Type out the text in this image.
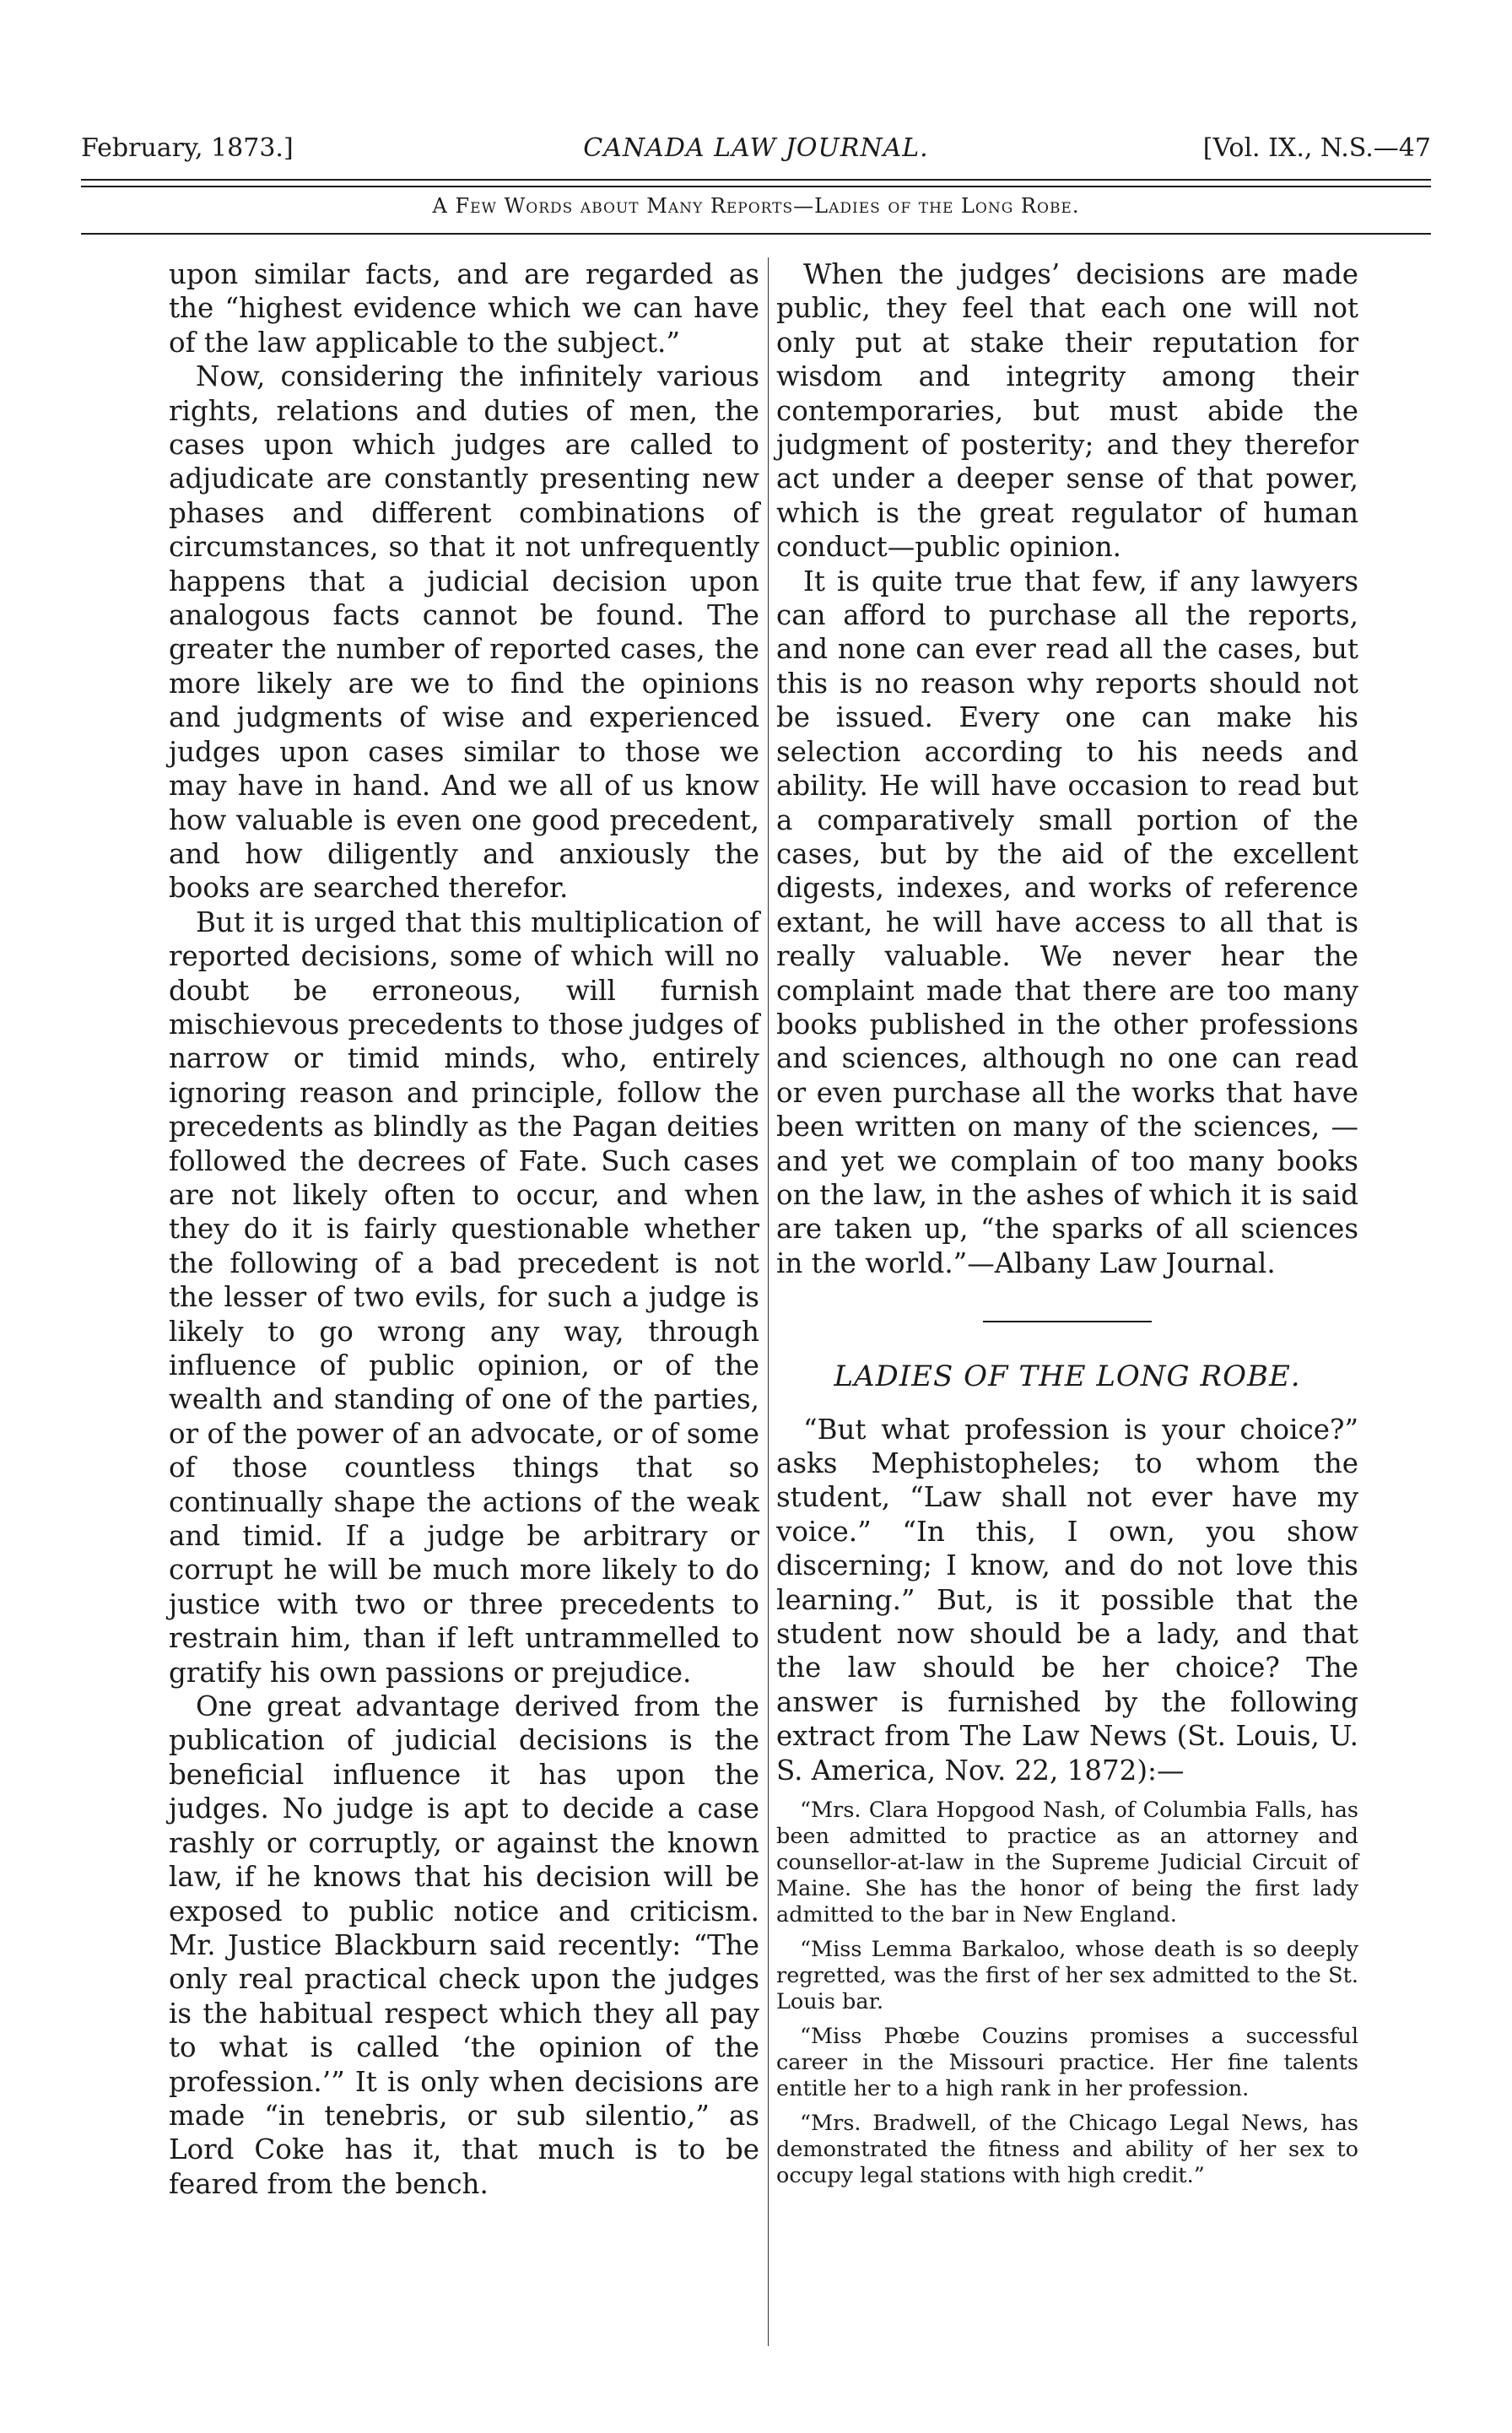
February, 1873.]	CANADA LAW JOURNAL.	[Vol. IX., N.S.—47
A Few Words about Many Reports—Ladies of the Long Robe.

upon similar facts, and are regarded as the “highest evidence which we can have of the law applicable to the subject.”

Now, considering the infinitely various rights, relations and duties of men, the cases upon which judges are called to adjudicate are constantly presenting new phases and different combinations of circumstances, so that it not unfrequently happens that a judicial decision upon analogous facts cannot be found. The greater the number of reported cases, the more likely are we to find the opinions and judgments of wise and experienced judges upon cases similar to those we may have in hand. And we all of us know how valuable is even one good precedent, and how diligently and anxiously the books are searched therefor.

But it is urged that this multiplication of reported decisions, some of which will no doubt be erroneous, will furnish mischievous precedents to those judges of narrow or timid minds, who, entirely ignoring reason and principle, follow the precedents as blindly as the Pagan deities followed the decrees of Fate. Such cases are not likely often to occur, and when they do it is fairly questionable whether the following of a bad precedent is not the lesser of two evils, for such a judge is likely to go wrong any way, through influence of public opinion, or of the wealth and standing of one of the parties, or of the power of an advocate, or of some of those countless things that so continually shape the actions of the weak and timid. If a judge be arbitrary or corrupt he will be much more likely to do justice with two or three precedents to restrain him, than if left untrammelled to gratify his own passions or prejudice.

One great advantage derived from the publication of judicial decisions is the beneficial influence it has upon the judges. No judge is apt to decide a case rashly or corruptly, or against the known law, if he knows that his decision will be exposed to public notice and criticism. Mr. Justice Blackburn said recently: “The only real practical check upon the judges is the habitual respect which they all pay to what is called ‘the opinion of the profession.’” It is only when decisions are made “in tenebris, or sub silentio,” as Lord Coke has it, that much is to be feared from the bench.

When the judges’ decisions are made public, they feel that each one will not only put at stake their reputation for wisdom and integrity among their contemporaries, but must abide the judgment of posterity; and they therefor act under a deeper sense of that power, which is the great regulator of human conduct—public opinion.

It is quite true that few, if any lawyers can afford to purchase all the reports, and none can ever read all the cases, but this is no reason why reports should not be issued. Every one can make his selection according to his needs and ability. He will have occasion to read but a comparatively small portion of the cases, but by the aid of the excellent digests, indexes, and works of reference extant, he will have access to all that is really valuable. We never hear the complaint made that there are too many books published in the other professions and sciences, although no one can read or even purchase all the works that have been written on many of the sciences, —and yet we complain of too many books on the law, in the ashes of which it is said are taken up, “the sparks of all sciences in the world.”—Albany Law Journal.

LADIES OF THE LONG ROBE.

“But what profession is your choice?” asks Mephistopheles; to whom the student, “Law shall not ever have my voice.” “In this, I own, you show discerning; I know, and do not love this learning.” But, is it possible that the student now should be a lady, and that the law should be her choice? The answer is furnished by the following extract from The Law News (St. Louis, U. S. America, Nov. 22, 1872):—

“Mrs. Clara Hopgood Nash, of Columbia Falls, has been admitted to practice as an attorney and counsellor-at-law in the Supreme Judicial Circuit of Maine. She has the honor of being the first lady admitted to the bar in New England.

“Miss Lemma Barkaloo, whose death is so deeply regretted, was the first of her sex admitted to the St. Louis bar.

“Miss Phœbe Couzins promises a successful career in the Missouri practice. Her fine talents entitle her to a high rank in her profession.

“Mrs. Bradwell, of the Chicago Legal News, has demonstrated the fitness and ability of her sex to occupy legal stations with high credit.”
